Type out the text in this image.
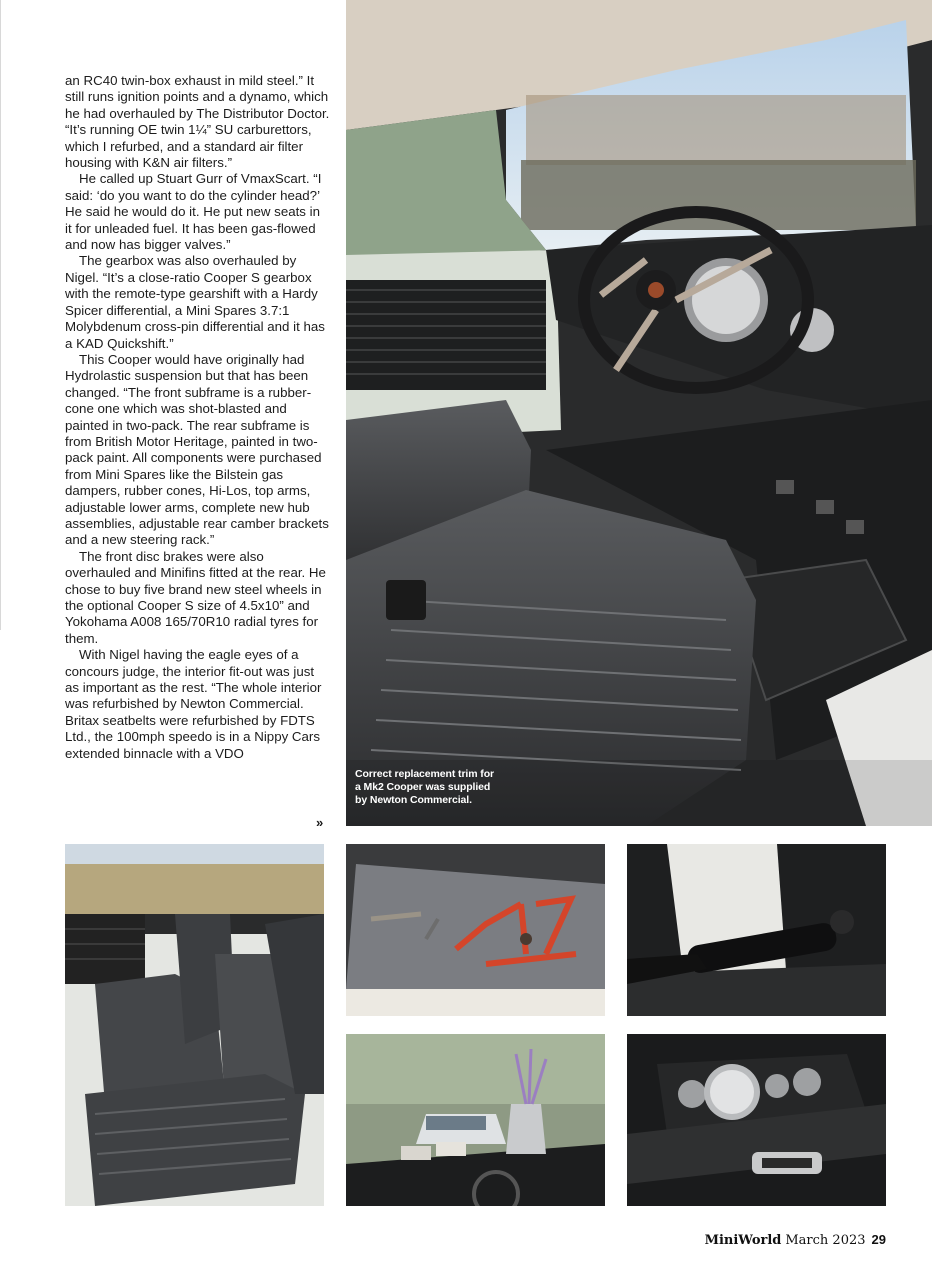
an RC40 twin-box exhaust in mild steel.” It still runs ignition points and a dynamo, which he had overhauled by The Distributor Doctor. “It’s running OE twin 1¼” SU carburettors, which I refurbed, and a standard air filter housing with K&N air filters.”

He called up Stuart Gurr of VmaxScart. “I said: ‘do you want to do the cylinder head?’ He said he would do it. He put new seats in it for unleaded fuel. It has been gas-flowed and now has bigger valves.”

The gearbox was also overhauled by Nigel. “It’s a close-ratio Cooper S gearbox with the remote-type gearshift with a Hardy Spicer differential, a Mini Spares 3.7:1 Molybdenum cross-pin differential and it has a KAD Quickshift.”

This Cooper would have originally had Hydrolastic suspension but that has been changed. “The front subframe is a rubber-cone one which was shot-blasted and painted in two-pack. The rear subframe is from British Motor Heritage, painted in two-pack paint. All components were purchased from Mini Spares like the Bilstein gas dampers, rubber cones, Hi-Los, top arms, adjustable lower arms, complete new hub assemblies, adjustable rear camber brackets and a new steering rack.”

The front disc brakes were also overhauled and Minifins fitted at the rear. He chose to buy five brand new steel wheels in the optional Cooper S size of 4.5x10” and Yokohama A008 165/70R10 radial tyres for them.

With Nigel having the eagle eyes of a concours judge, the interior fit-out was just as important as the rest. “The whole interior was refurbished by Newton Commercial. Britax seatbelts were refurbished by FDTS Ltd., the 100mph speedo is in a Nippy Cars extended binnacle with a VDO

»
Correct replacement trim for
a Mk2 Cooper was supplied
by Newton Commercial.
MiniWorld March 2023 29
